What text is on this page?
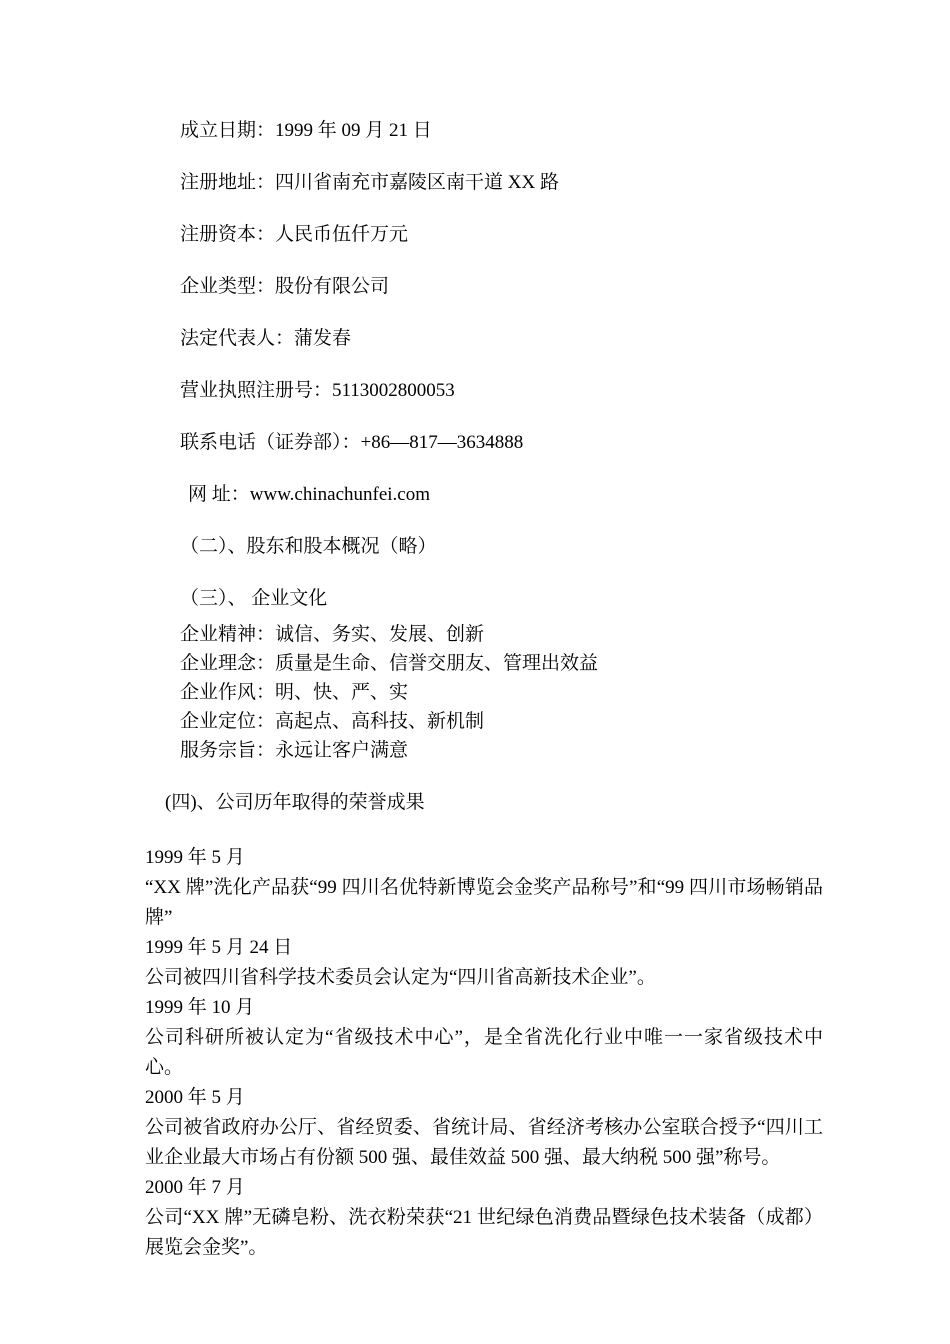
成立日期：1999 年 09 月 21 日

注册地址：四川省南充市嘉陵区南干道 XX 路

注册资本：人民币伍仟万元

企业类型：股份有限公司

法定代表人：蒲发春

营业执照注册号：5113002800053

联系电话（证券部）：+86—817—3634888

网 址：www.chinachunfei.com

（二）、股东和股本概况（略）

（三）、 企业文化

企业精神：诚信、务实、发展、创新

企业理念：质量是生命、信誉交朋友、管理出效益

企业作风：明、快、严、实

企业定位：高起点、高科技、新机制

服务宗旨：永远让客户满意

(四)、公司历年取得的荣誉成果

1999 年 5 月

“XX 牌”洗化产品获“99 四川名优特新博览会金奖产品称号”和“99 四川市场畅销品牌”

1999 年 5 月 24 日

公司被四川省科学技术委员会认定为“四川省高新技术企业”。

1999 年 10 月

公司科研所被认定为“省级技术中心”，是全省洗化行业中唯一一家省级技术中心。

2000 年 5 月

公司被省政府办公厅、省经贸委、省统计局、省经济考核办公室联合授予“四川工业企业最大市场占有份额 500 强、最佳效益 500 强、最大纳税 500 强”称号。

2000 年 7 月

公司“XX 牌”无磷皂粉、洗衣粉荣获“21 世纪绿色消费品暨绿色技术装备（成都）展览会金奖”。
